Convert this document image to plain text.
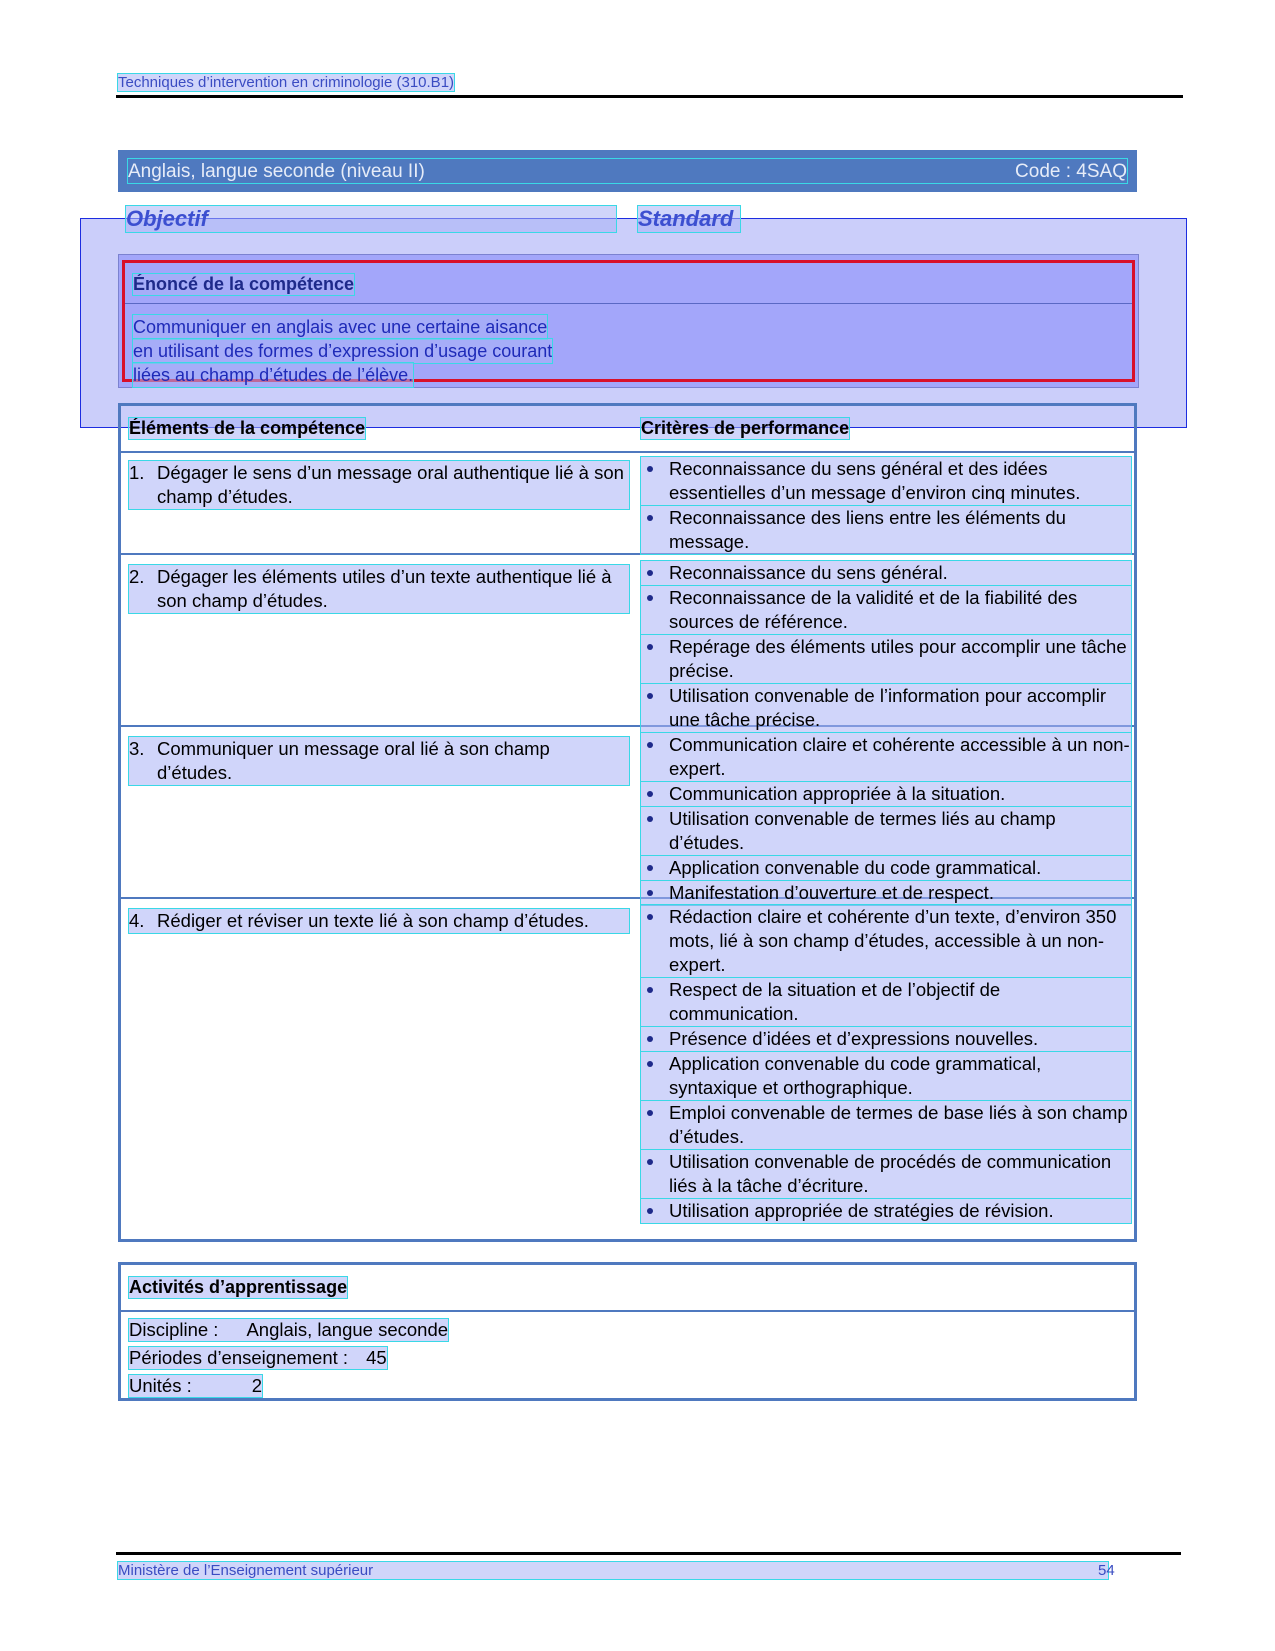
Techniques d’intervention en criminologie (310.B1)
Anglais, langue seconde (niveau II)	Code : 4SAQ
Objectif	Standard
Énoncé de la compétence
Communiquer en anglais avec une certaine aisance
en utilisant des formes d’expression d’usage courant
liées au champ d’études de l’élève.
Éléments de la compétence	Critères de performance
1. Dégager le sens d’un message oral authentique lié à son champ d’études.
Reconnaissance du sens général et des idées essentielles d’un message d’environ cinq minutes.
Reconnaissance des liens entre les éléments du message.
2. Dégager les éléments utiles d’un texte authentique lié à son champ d’études.
Reconnaissance du sens général.
Reconnaissance de la validité et de la fiabilité des sources de référence.
Repérage des éléments utiles pour accomplir une tâche précise.
Utilisation convenable de l’information pour accomplir une tâche précise.
3. Communiquer un message oral lié à son champ d’études.
Communication claire et cohérente accessible à un non-expert.
Communication appropriée à la situation.
Utilisation convenable de termes liés au champ d’études.
Application convenable du code grammatical.
Manifestation d’ouverture et de respect.
4. Rédiger et réviser un texte lié à son champ d’études.	Rédaction claire et cohérente d’un texte, d’environ 350 mots, lié à son champ d’études, accessible à un non-expert.
Respect de la situation et de l’objectif de communication.
Présence d’idées et d’expressions nouvelles.
Application convenable du code grammatical, syntaxique et orthographique.
Emploi convenable de termes de base liés à son champ d’études.
Utilisation convenable de procédés de communication liés à la tâche d’écriture.
Utilisation appropriée de stratégies de révision.
Activités d’apprentissage
Discipline : Anglais, langue seconde
Périodes d’enseignement : 45
Unités :	2
Ministère de l’Enseignement supérieur	54
